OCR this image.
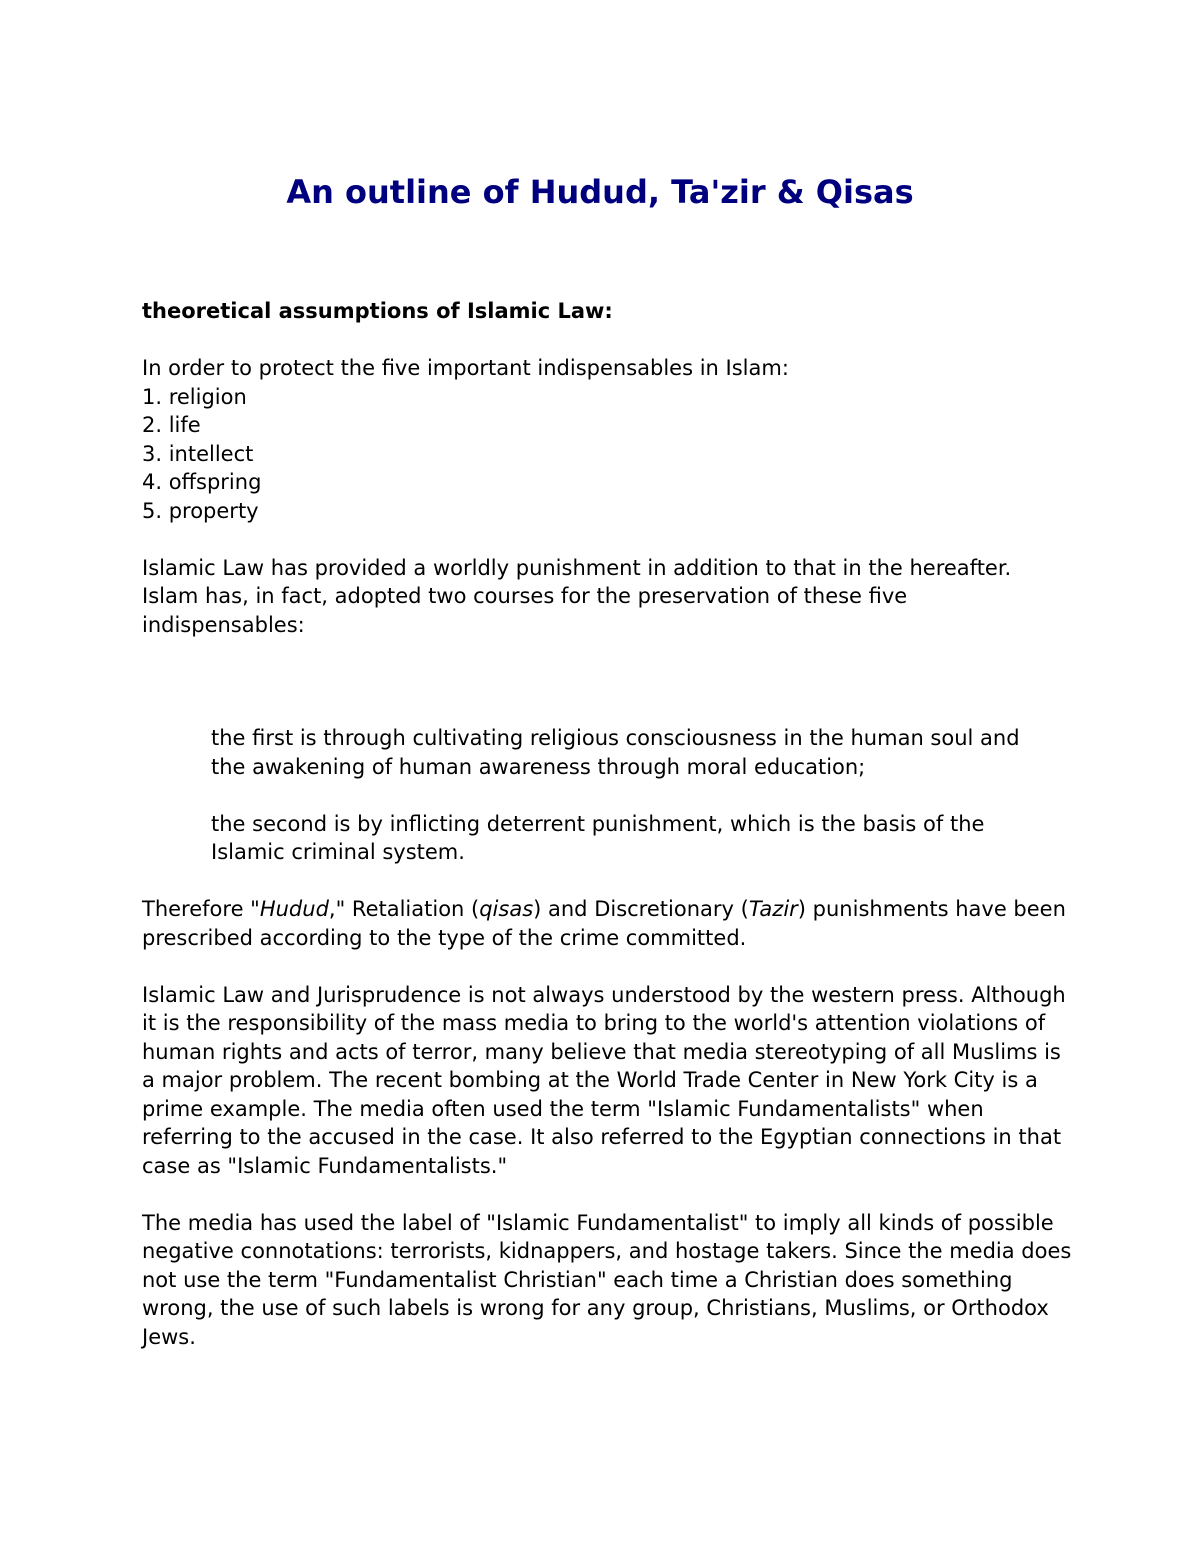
An outline of Hudud, Ta'zir & Qisas

theoretical assumptions of Islamic Law:

In order to protect the five important indispensables in Islam:

1. religion
2. life
3. intellect
4. offspring
5. property

Islamic Law has provided a worldly punishment in addition to that in the hereafter. Islam has, in fact, adopted two courses for the preservation of these five indispensables:

the first is through cultivating religious consciousness in the human soul and the awakening of human awareness through moral education;

the second is by inflicting deterrent punishment, which is the basis of the Islamic criminal system.

Therefore "Hudud," Retaliation (qisas) and Discretionary (Tazir) punishments have been prescribed according to the type of the crime committed.

Islamic Law and Jurisprudence is not always understood by the western press. Although it is the responsibility of the mass media to bring to the world's attention violations of human rights and acts of terror, many believe that media stereotyping of all Muslims is a major problem. The recent bombing at the World Trade Center in New York City is a prime example. The media often used the term "Islamic Fundamentalists" when referring to the accused in the case. It also referred to the Egyptian connections in that case as "Islamic Fundamentalists."

The media has used the label of "Islamic Fundamentalist" to imply all kinds of possible negative connotations: terrorists, kidnappers, and hostage takers. Since the media does not use the term "Fundamentalist Christian" each time a Christian does something wrong, the use of such labels is wrong for any group, Christians, Muslims, or Orthodox Jews.
